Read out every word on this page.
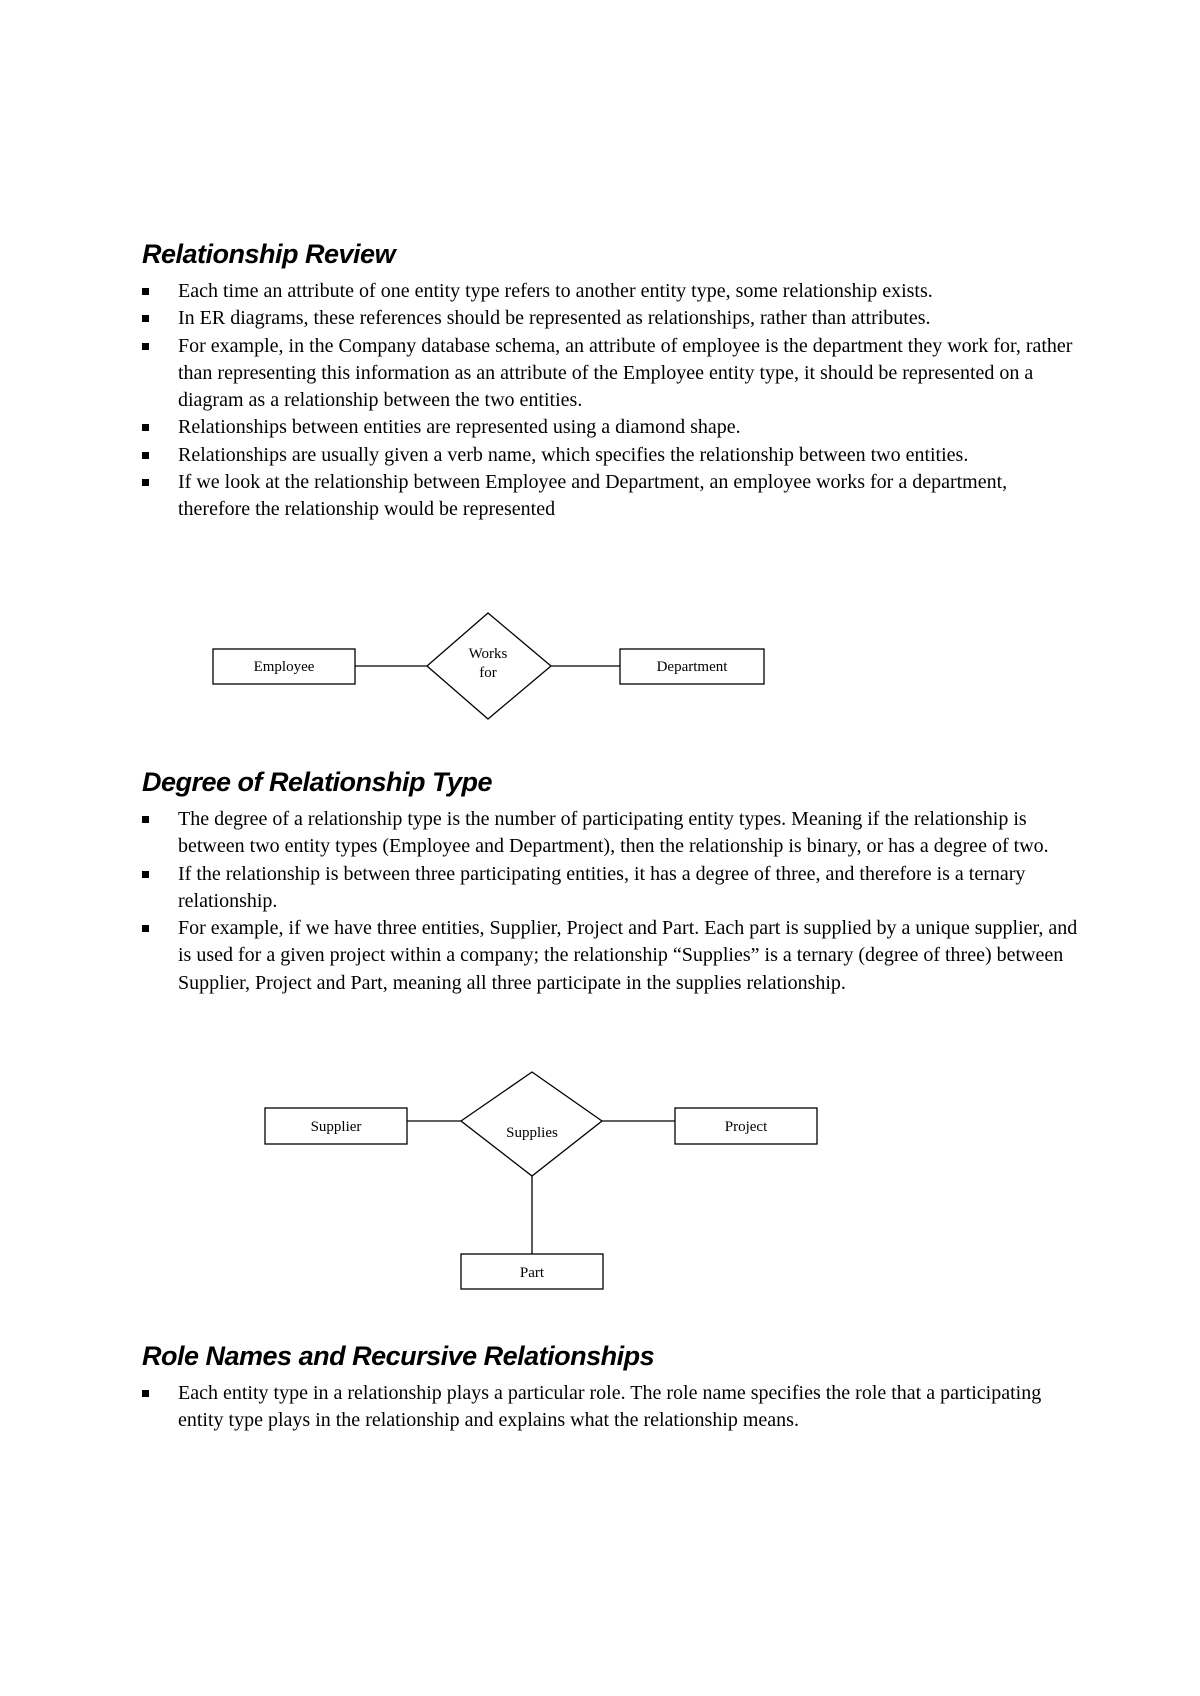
Relationship Review
Each time an attribute of one entity type refers to another entity type, some relationship exists.
In ER diagrams, these references should be represented as relationships, rather than attributes.
For example, in the Company database schema, an attribute of employee is the department they work for, rather than representing this information as an attribute of the Employee entity type, it should be represented on a diagram as a relationship between the two entities.
Relationships between entities are represented using a diamond shape.
Relationships are usually given a verb name, which specifies the relationship between two entities.
If we look at the relationship between Employee and Department, an employee works for a department, therefore the relationship would be represented
Employee
Works
for	Department
Degree of Relationship Type
The degree of a relationship type is the number of participating entity types. Meaning if the relationship is between two entity types (Employee and Department), then the relationship is binary, or has a degree of two.
If the relationship is between three participating entities, it has a degree of three, and therefore is a ternary relationship.
For example, if we have three entities, Supplier, Project and Part. Each part is supplied by a unique supplier, and is used for a given project within a company; the relationship “Supplies” is a ternary (degree of three) between Supplier, Project and Part, meaning all three participate in the supplies relationship.
Supplier	Supplies	Project
Part
Role Names and Recursive Relationships
Each entity type in a relationship plays a particular role. The role name specifies the role that a participating entity type plays in the relationship and explains what the relationship means.
